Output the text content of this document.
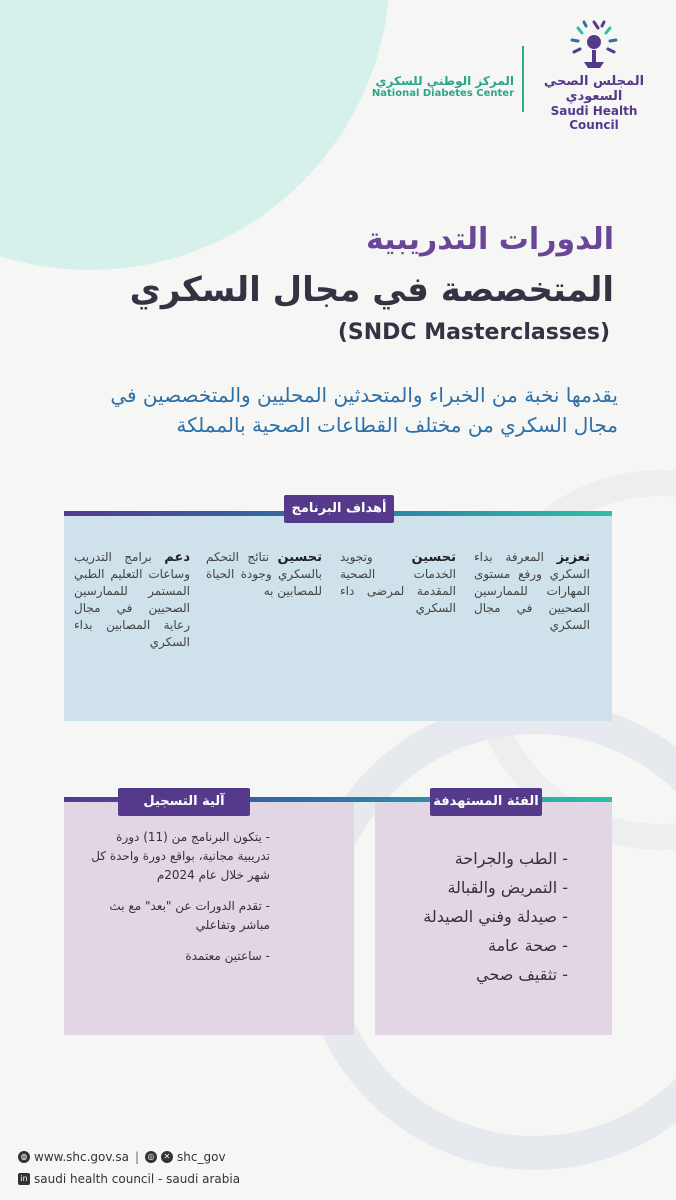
المجلس الصحي السعودي
Saudi Health Council
المركز الوطني للسكري
National Diabetes Center
الدورات التدريبية
المتخصصة في مجال السكري
(SNDC Masterclasses)
يقدمها نخبة من الخبراء والمتحدثين المحليين والمتخصصين في مجال السكري من مختلف القطاعات الصحية بالمملكة
أهداف البرنامج
تعزيز المعرفة بداء السكري ورفع مستوى المهارات للممارسين الصحيين في مجال السكري
تحسين وتجويد الخدمات الصحية المقدمة لمرضى داء السكري
تحسين نتائج التحكم بالسكري وجودة الحياة للمصابين به
دعم برامج التدريب وساعات التعليم الطبي المستمر للممارسين الصحيين في مجال رعاية المصابين بداء السكري
الفئة المستهدفة
آلية التسجيل
- الطب والجراحة
- التمريض والقبالة
- صيدلة وفني الصيدلة
- صحة عامة
- تثقيف صحي
- يتكون البرنامج من (11) دورة تدريبية مجانية، بواقع دورة واحدة كل شهر خلال عام 2024م
- تقدم الدورات عن "بعد" مع بث مباشر وتفاعلي
- ساعتين معتمدة
◍ www.shc.gov.sa |	◎	✕ shc_gov
in saudi health council - saudi arabia
